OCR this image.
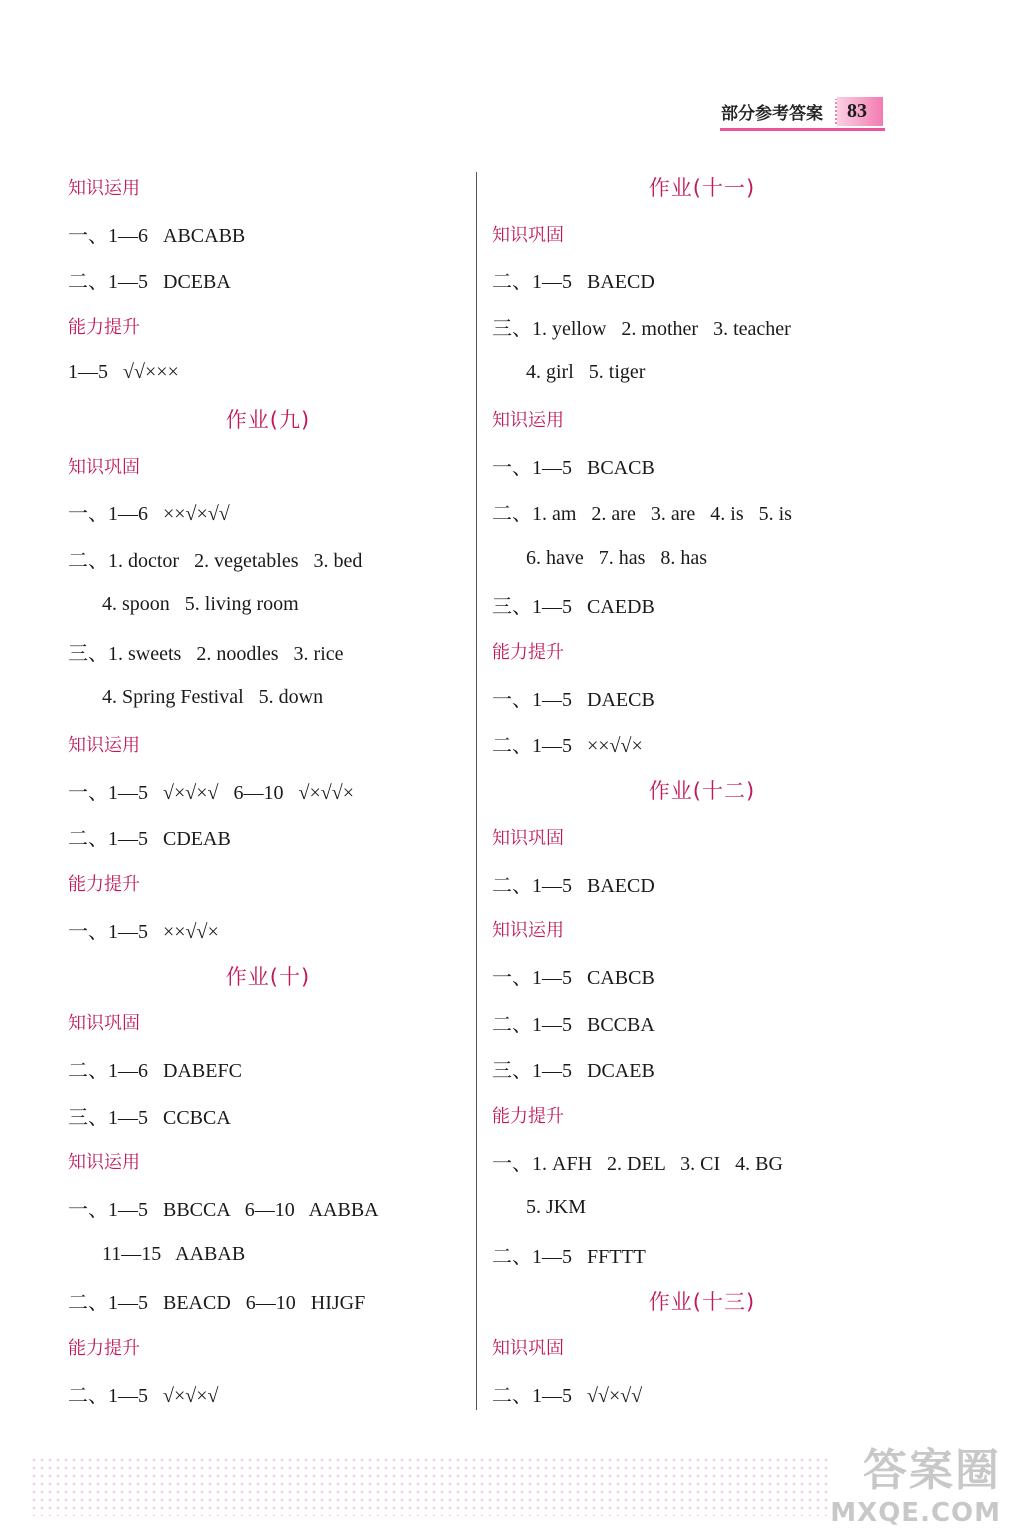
部分参考答案	83
知识运用
一、1—6   ABCABB
二、1—5   DCEBA
能力提升
1—5   √√×××
作业(九)
知识巩固
一、1—6   ××√×√√
二、1. doctor   2. vegetables   3. bed
4. spoon   5. living room
三、1. sweets   2. noodles   3. rice
4. Spring Festival   5. down
知识运用
一、1—5   √×√×√   6—10   √×√√×
二、1—5   CDEAB
能力提升
一、1—5   ××√√×
作业(十)
知识巩固
二、1—6   DABEFC
三、1—5   CCBCA
知识运用
一、1—5   BBCCA   6—10   AABBA
11—15   AABAB
二、1—5   BEACD   6—10   HIJGF
能力提升
二、1—5   √×√×√
作业(十一)
知识巩固
二、1—5   BAECD
三、1. yellow   2. mother   3. teacher
4. girl   5. tiger
知识运用
一、1—5   BCACB
二、1. am   2. are   3. are   4. is   5. is
6. have   7. has   8. has
三、1—5   CAEDB
能力提升
一、1—5   DAECB
二、1—5   ××√√×
作业(十二)
知识巩固
二、1—5   BAECD
知识运用
一、1—5   CABCB
二、1—5   BCCBA
三、1—5   DCAEB
能力提升
一、1. AFH   2. DEL   3. CI   4. BG
5. JKM
二、1—5   FFTTT
作业(十三)
知识巩固
二、1—5   √√×√√
答案圈
MXQE.COM
